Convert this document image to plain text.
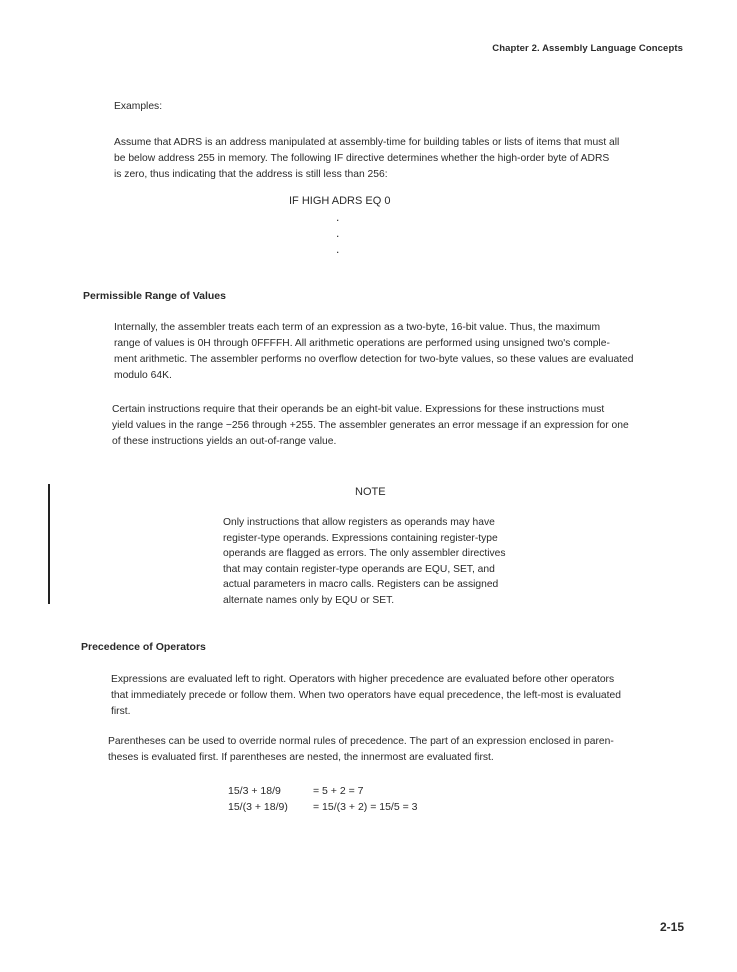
Chapter 2. Assembly Language Concepts
Examples:
Assume that ADRS is an address manipulated at assembly-time for building tables or lists of items that must all
be below address 255 in memory. The following IF directive determines whether the high-order byte of ADRS
is zero, thus indicating that the address is still less than 256:
IF HIGH ADRS EQ 0
.
.
.
Permissible Range of Values
Internally, the assembler treats each term of an expression as a two-byte, 16-bit value. Thus, the maximum
range of values is 0H through 0FFFFH. All arithmetic operations are performed using unsigned two's comple-
ment arithmetic. The assembler performs no overflow detection for two-byte values, so these values are evaluated
modulo 64K.
Certain instructions require that their operands be an eight-bit value. Expressions for these instructions must
yield values in the range −256 through +255. The assembler generates an error message if an expression for one
of these instructions yields an out-of-range value.
NOTE
Only instructions that allow registers as operands may have
register-type operands. Expressions containing register-type
operands are flagged as errors. The only assembler directives
that may contain register-type operands are EQU, SET, and
actual parameters in macro calls. Registers can be assigned
alternate names only by EQU or SET.
Precedence of Operators
Expressions are evaluated left to right. Operators with higher precedence are evaluated before other operators
that immediately precede or follow them. When two operators have equal precedence, the left-most is evaluated
first.
Parentheses can be used to override normal rules of precedence. The part of an expression enclosed in paren-
theses is evaluated first. If parentheses are nested, the innermost are evaluated first.
15/3 + 18/9	= 5 + 2 = 7
15/(3 + 18/9) = 15/(3 + 2) = 15/5 = 3
2-15
